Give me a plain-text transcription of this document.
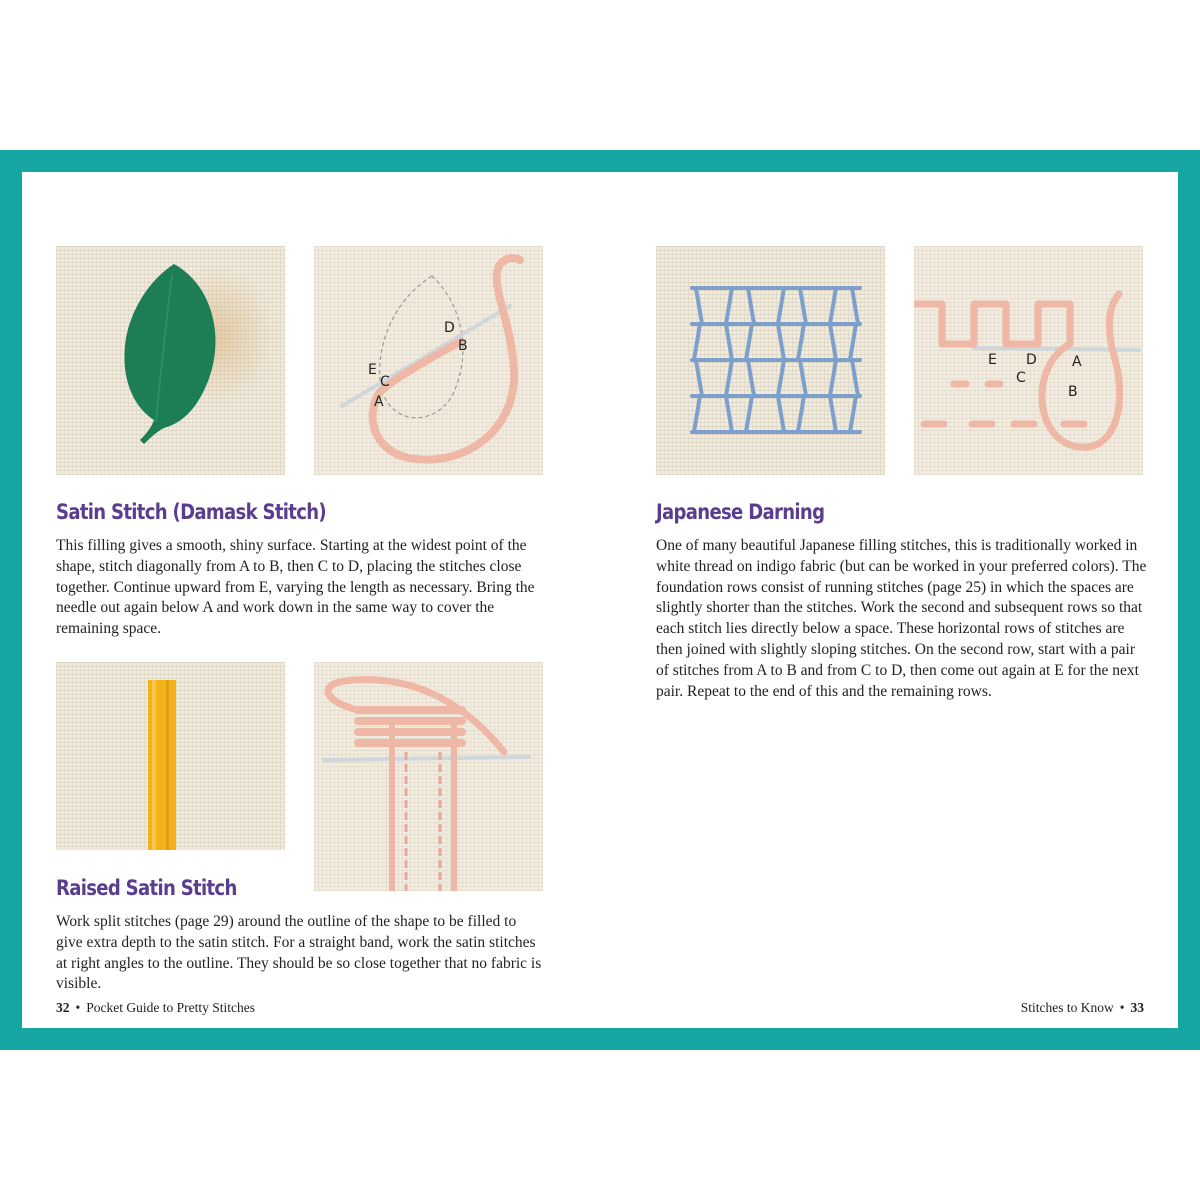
D
B
E
C
A
Satin Stitch (Damask Stitch)

This filling gives a smooth, shiny surface. Starting at the widest point of the shape, stitch diagonally from A to B, then C to D, placing the stitches close together. Continue upward from E, varying the length as necessary. Bring the needle out again below A and work down in the same way to cover the remaining space.

Raised Satin Stitch

Work split stitches (page 29) around the outline of the shape to be filled to give extra depth to the satin stitch. For a straight band, work the satin stitches at right angles to the outline. They should be so close together that no fabric is visible.

E D	A
C
B
Japanese Darning

One of many beautiful Japanese filling stitches, this is traditionally worked in white thread on indigo fabric (but can be worked in your preferred colors). The foundation rows consist of running stitches (page 25) in which the spaces are slightly shorter than the stitches. Work the second and subsequent rows so that each stitch lies directly below a space. These horizontal rows of stitches are then joined with slightly sloping stitches. On the second row, start with a pair of stitches from A to B and from C to D, then come out again at E for the next pair. Repeat to the end of this and the remaining rows.

32 • Pocket Guide to Pretty Stitches	Stitches to Know • 33
